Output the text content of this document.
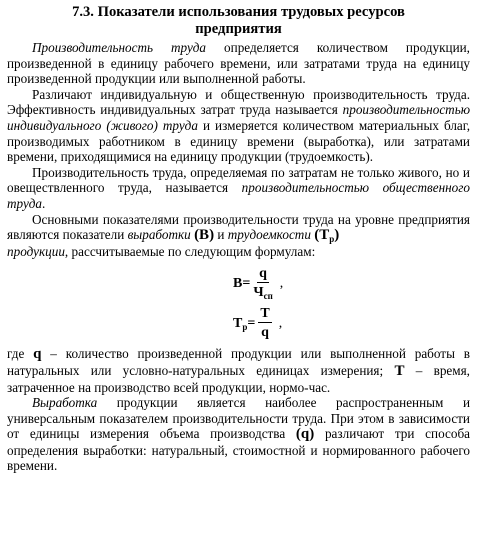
7.3. Показатели использования трудовых ресурсов
предприятия

Производительность труда определяется количеством продукции, произведенной в единицу рабочего времени, или затратами труда на единицу произведенной продукции или выполненной работы.

Различают индивидуальную и общественную производительность труда. Эффективность индивидуальных затрат труда называется производительностью индивидуального (живого) труда и измеряется количеством материальных благ, производимых работником в единицу времени (выработка), или затратами времени, приходящимися на единицу продукции (трудоемкость).

Производительность труда, определяемая по затратам не только живого, но и овеществленного труда, называется производительностью общественного труда.

Основными показателями производительности труда на уровне предприятия являются показатели выработки (В) и трудоемкости $(Т_р)$
продукции, рассчитываемые по следующим формулам:

$В = \frac{q}{Ч_{сп}}$ ,
$Т_р = \frac{Т}{q}$ ,

где q – количество произведенной продукции или выполненной работы в натуральных или условно-натуральных единицах измерения; Т – время, затраченное на производство всей продукции, нормо-час.

Выработка продукции является наиболее распространенным и универсальным показателем производительности труда. При этом в зависимости от единицы измерения объема производства (q) различают три способа определения выработки: натуральный, стоимостной и нормированного рабочего времени.
